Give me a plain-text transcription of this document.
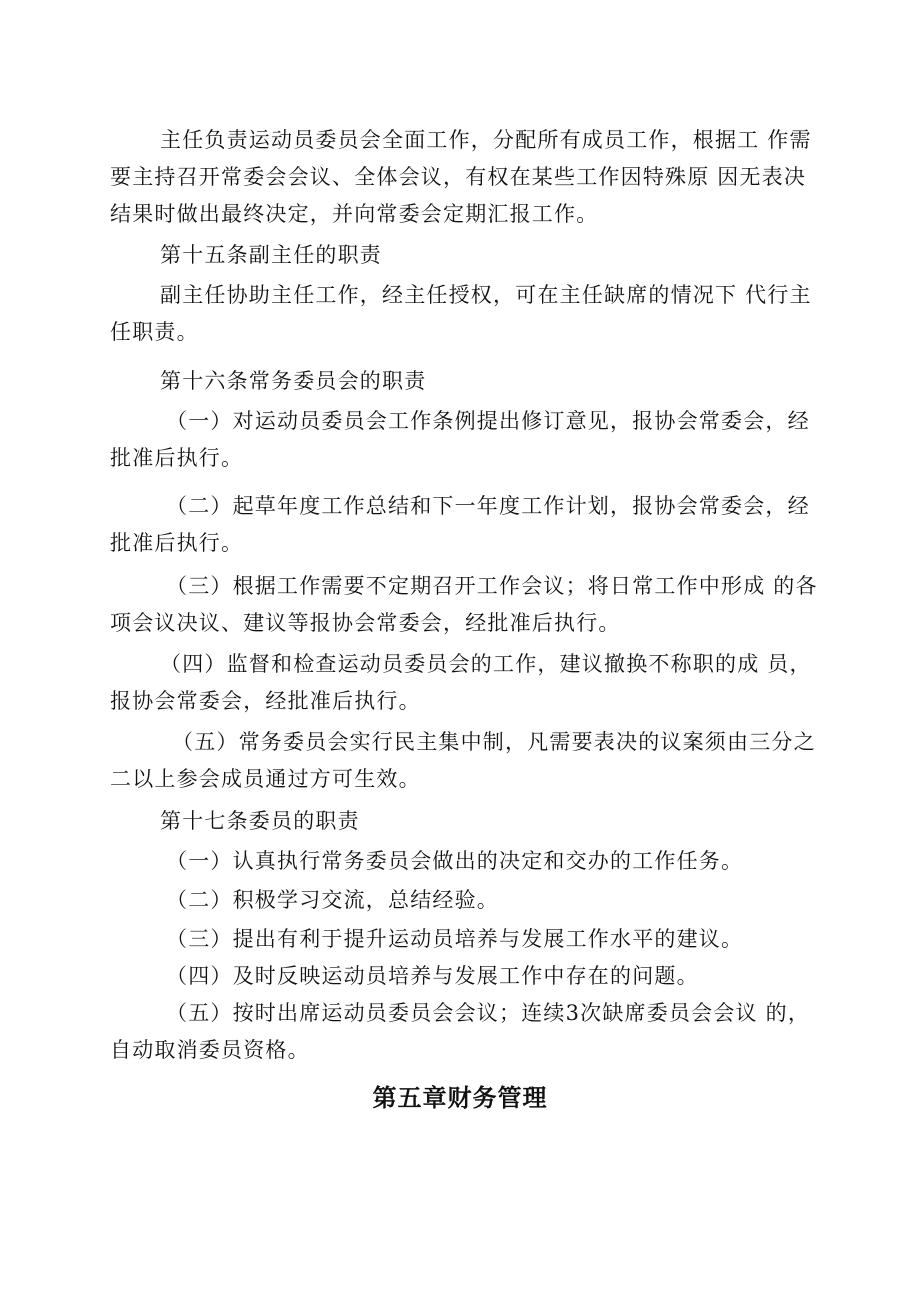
主任负责运动员委员会全面工作，分配所有成员工作，根据工 作需要主持召开常委会会议、全体会议，有权在某些工作因特殊原 因无表决结果时做出最终决定，并向常委会定期汇报工作。

第十五条副主任的职责

副主任协助主任工作，经主任授权，可在主任缺席的情况下 代行主任职责。

第十六条常务委员会的职责

（一）对运动员委员会工作条例提出修订意见，报协会常委会，经批准后执行。

（二）起草年度工作总结和下一年度工作计划，报协会常委会，经批准后执行。

（三）根据工作需要不定期召开工作会议；将日常工作中形成 的各项会议决议、建议等报协会常委会，经批准后执行。

（四）监督和检查运动员委员会的工作，建议撤换不称职的成 员，报协会常委会，经批准后执行。

（五）常务委员会实行民主集中制，凡需要表决的议案须由三分之二以上参会成员通过方可生效。

第十七条委员的职责

（一）认真执行常务委员会做出的决定和交办的工作任务。

（二）积极学习交流，总结经验。

（三）提出有利于提升运动员培养与发展工作水平的建议。

（四）及时反映运动员培养与发展工作中存在的问题。

（五）按时出席运动员委员会会议；连续3次缺席委员会会议 的，自动取消委员资格。

第五章财务管理
